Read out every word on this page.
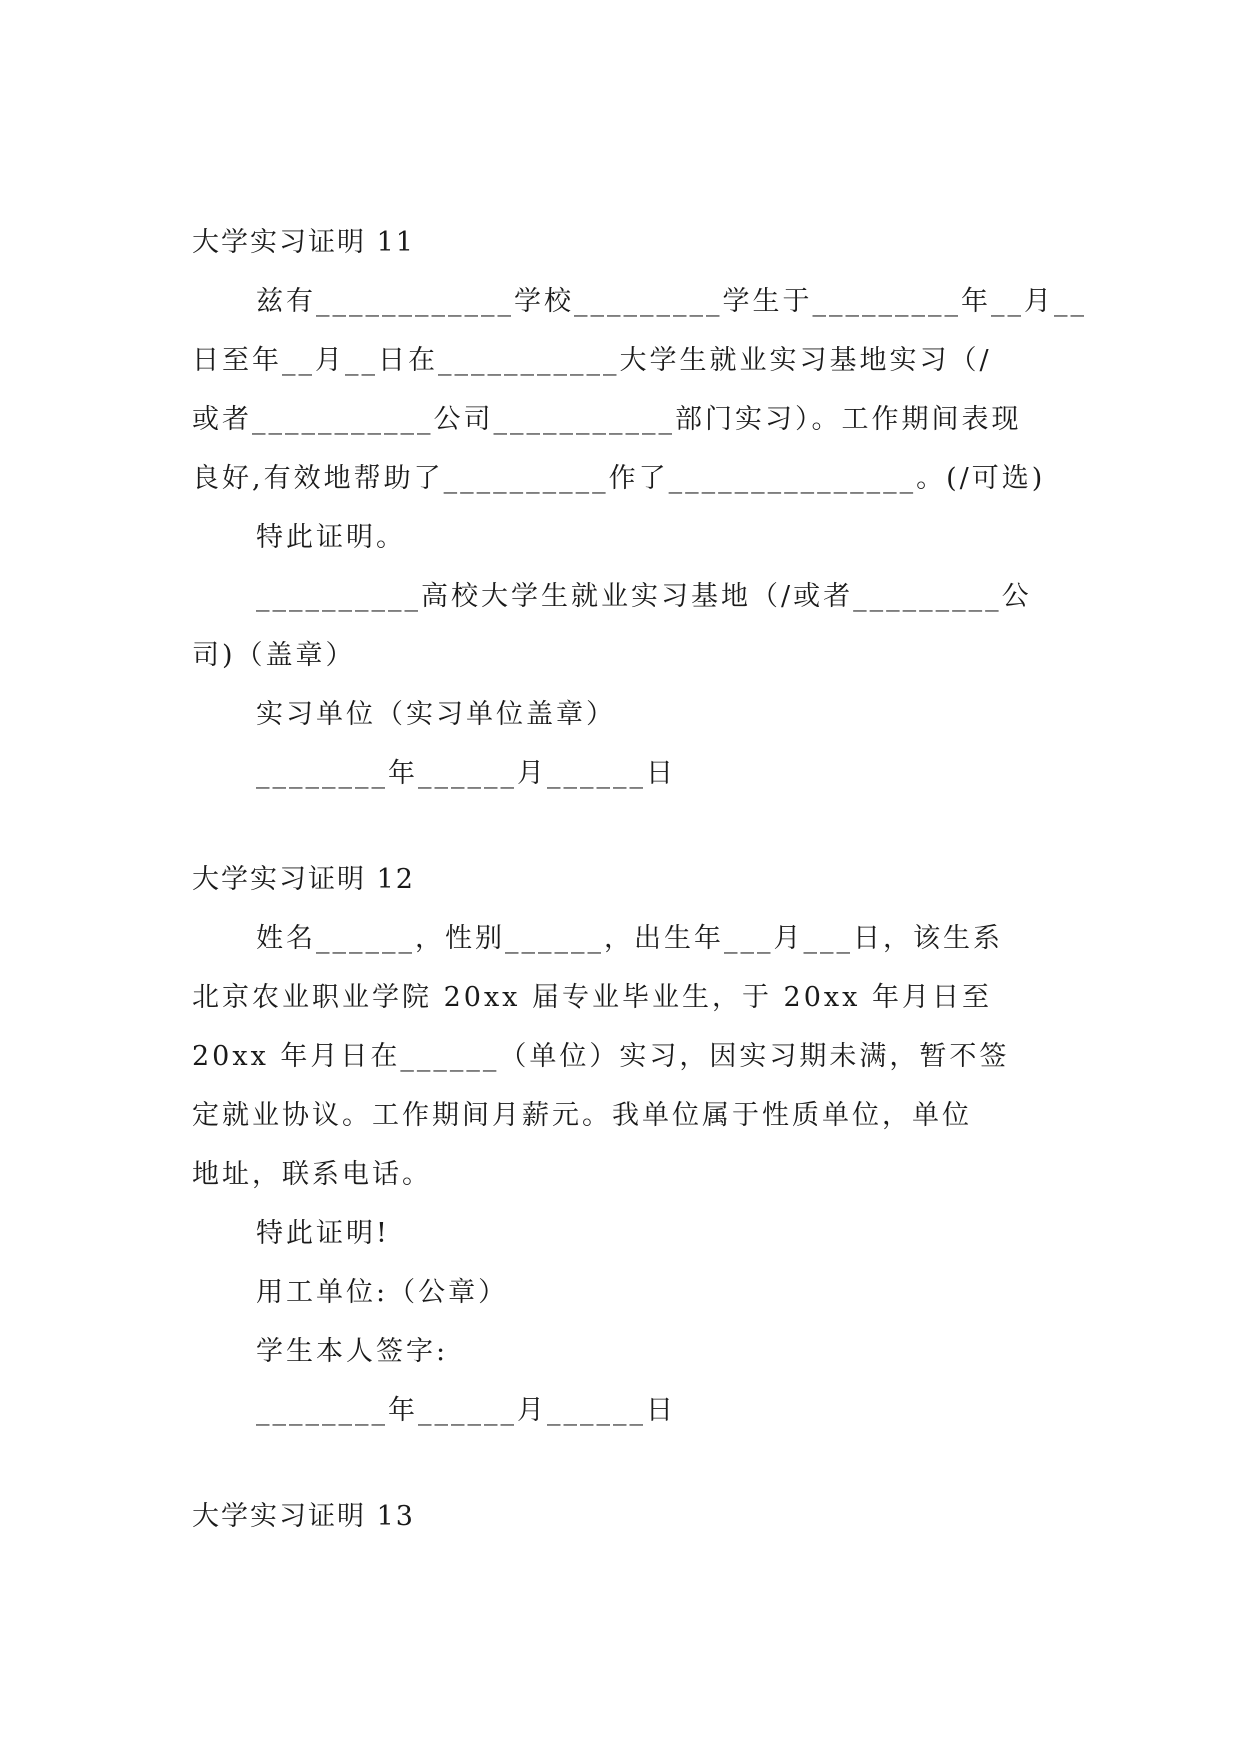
大学实习证明 11
兹有____________学校_________学生于_________年__月__
日至年__月__日在___________大学生就业实习基地实习（/
或者___________公司___________部门实习）。工作期间表现
良好,有效地帮助了__________作了_______________。(/可选)
特此证明。
__________高校大学生就业实习基地（/或者_________公
司)（盖章）
实习单位（实习单位盖章）
________年______月______日
大学实习证明 12
姓名______，性别______，出生年___月___日，该生系
北京农业职业学院 20xx 届专业毕业生，于 20xx 年月日至
20xx 年月日在______（单位）实习，因实习期未满，暂不签
定就业协议。工作期间月薪元。我单位属于性质单位，单位
地址，联系电话。
特此证明!
用工单位:（公章）
学生本人签字:
________年______月______日
大学实习证明 13
